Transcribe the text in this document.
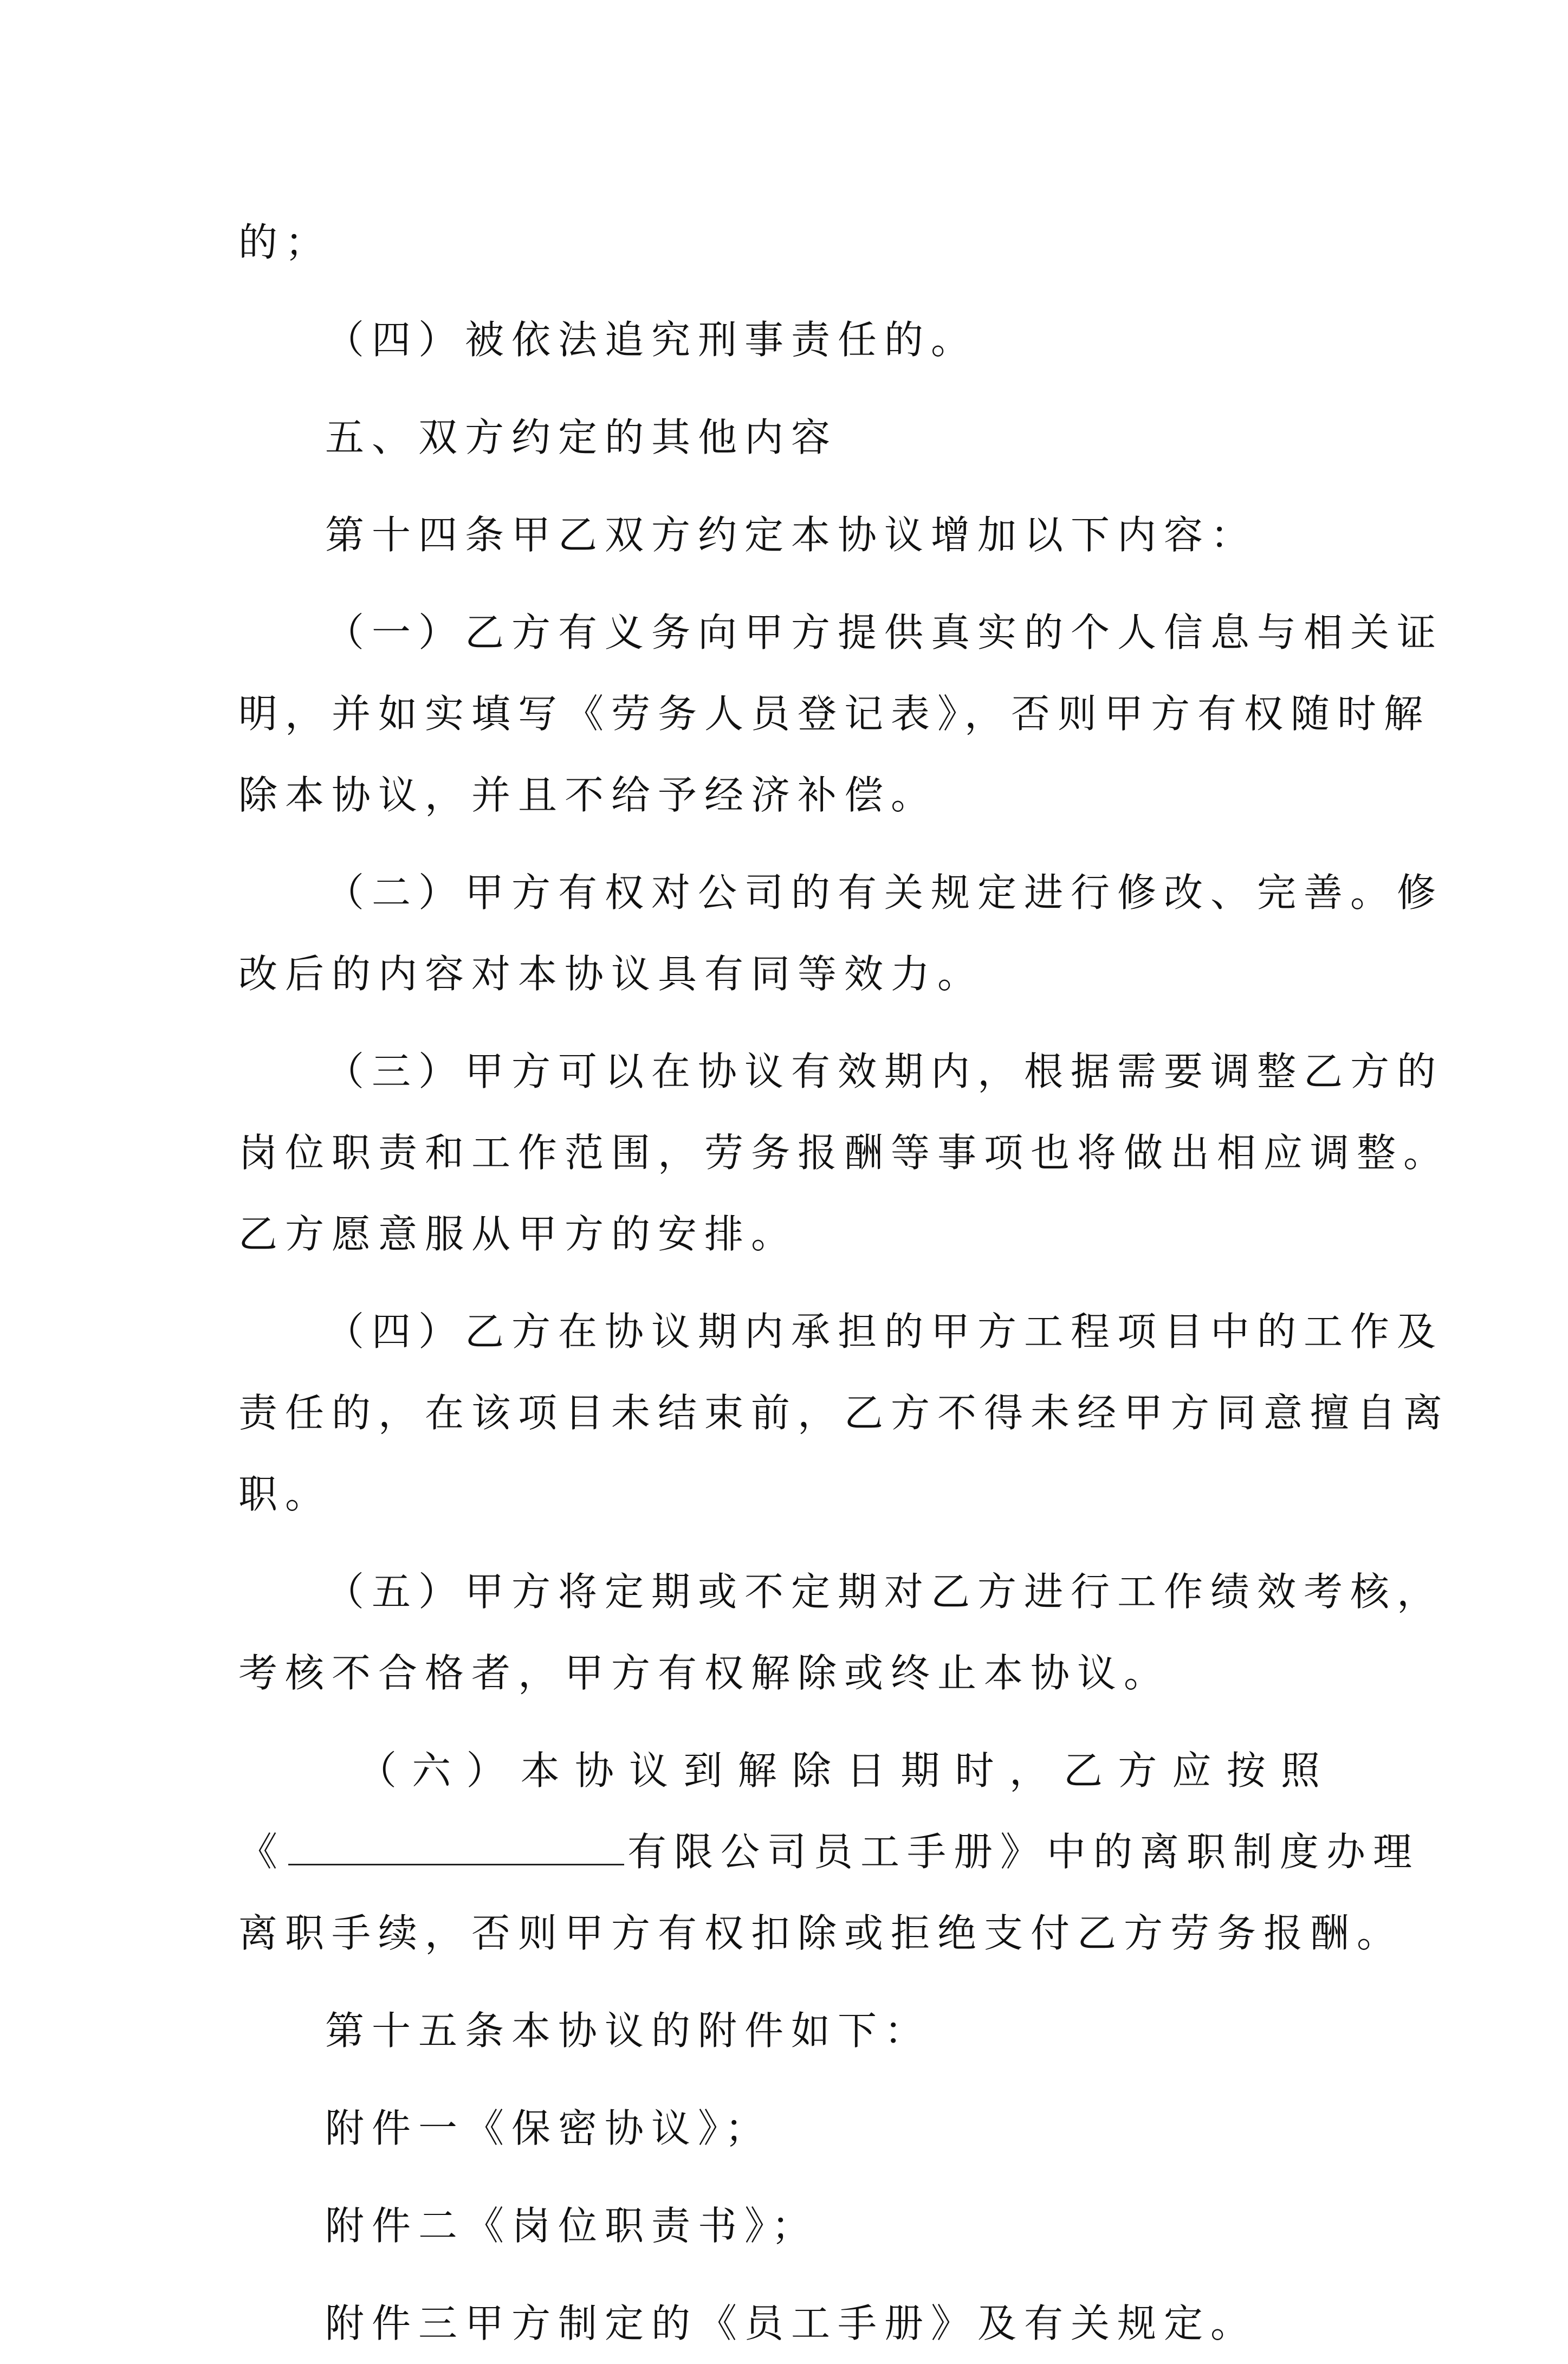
的；
（四）被依法追究刑事责任的。
五、双方约定的其他内容
第十四条甲乙双方约定本协议增加以下内容：
（一）乙方有义务向甲方提供真实的个人信息与相关证
明，并如实填写《劳务人员登记表》，否则甲方有权随时解
除本协议，并且不给予经济补偿。
（二）甲方有权对公司的有关规定进行修改、完善。修
改后的内容对本协议具有同等效力。
（三）甲方可以在协议有效期内，根据需要调整乙方的
岗位职责和工作范围，劳务报酬等事项也将做出相应调整。
乙方愿意服从甲方的安排。
（四）乙方在协议期内承担的甲方工程项目中的工作及
责任的，在该项目未结束前，乙方不得未经甲方同意擅自离
职。
（五）甲方将定期或不定期对乙方进行工作绩效考核，
考核不合格者，甲方有权解除或终止本协议。
（六）本协议到解除日期时，乙方应按照
《	有限公司员工手册》中的离职制度办理
离职手续，否则甲方有权扣除或拒绝支付乙方劳务报酬。
第十五条本协议的附件如下：
附件一《保密协议》；
附件二《岗位职责书》；
附件三甲方制定的《员工手册》及有关规定。
